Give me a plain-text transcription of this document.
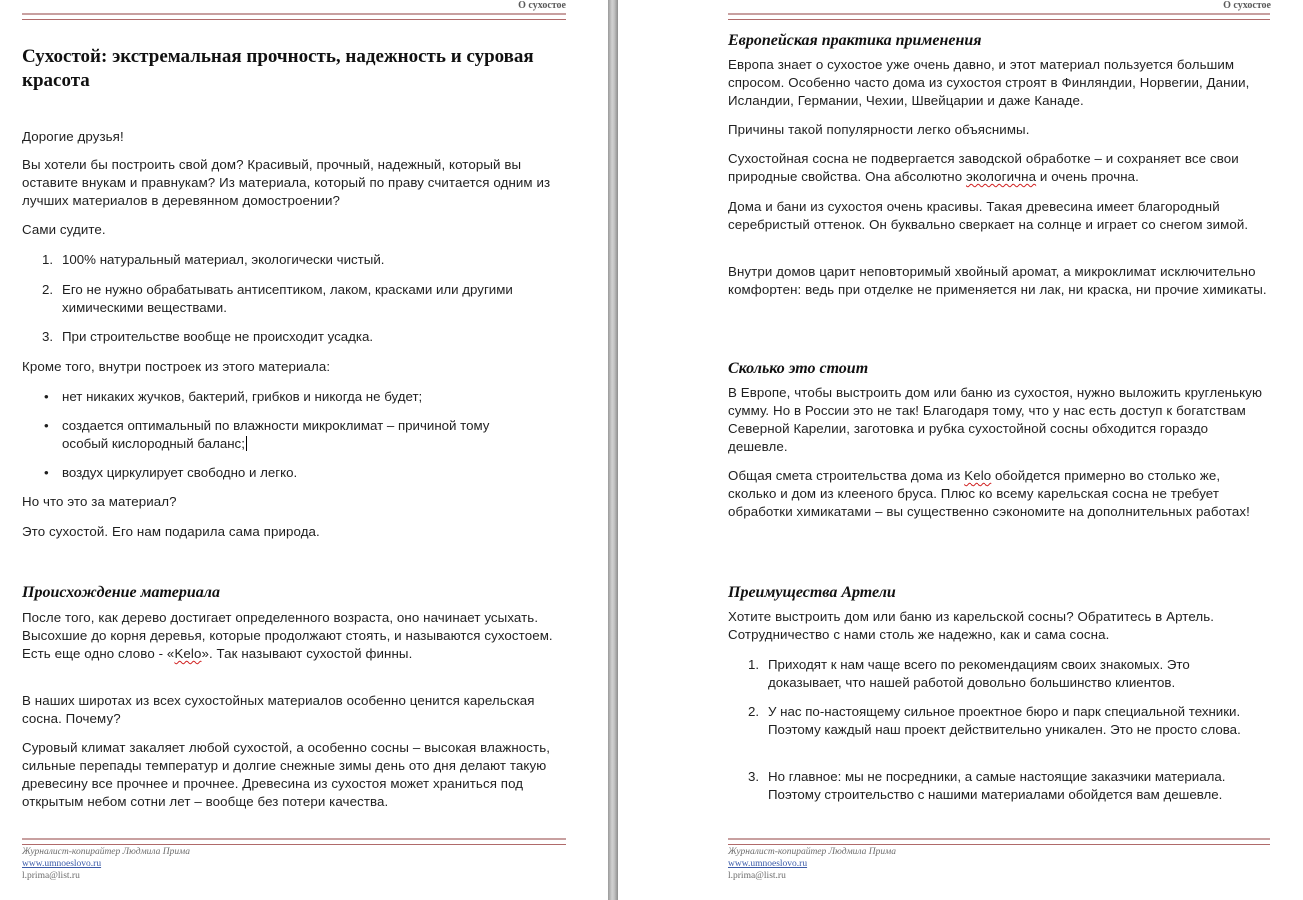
О сухостое
Сухостой: экстремальная прочность, надежность и суровая красота

Дорогие друзья!

Вы хотели бы построить свой дом? Красивый, прочный, надежный, который вы оставите внукам и правнукам? Из материала, который по праву считается одним из лучших материалов в деревянном домостроении?

Сами судите.

1. 100% натуральный материал, экологически чистый.
2. Его не нужно обрабатывать антисептиком, лаком, красками или другими химическими веществами.
3. При строительстве вообще не происходит усадка.

Кроме того, внутри построек из этого материала:

• нет никаких жучков, бактерий, грибков и никогда не будет;
• создается оптимальный по влажности микроклимат – причиной тому особый кислородный баланс;
• воздух циркулирует свободно и легко.

Но что это за материал?

Это сухостой. Его нам подарила сама природа.

Происхождение материала

После того, как дерево достигает определенного возраста, оно начинает усыхать. Высохшие до корня деревья, которые продолжают стоять, и называются сухостоем. Есть еще одно слово - «Kelo». Так называют сухостой финны.

В наших широтах из всех сухостойных материалов особенно ценится карельская сосна. Почему?

Суровый климат закаляет любой сухостой, а особенно сосны – высокая влажность, сильные перепады температур и долгие снежные зимы день ото дня делают такую древесину все прочнее и прочнее. Древесина из сухостоя может храниться под открытым небом сотни лет – вообще без потери качества.

Журналист-копирайтер Людмила Прима
www.umnoeslovo.ru
l.prima@list.ru
О сухостое
Европейская практика применения

Европа знает о сухостое уже очень давно, и этот материал пользуется большим спросом. Особенно часто дома из сухостоя строят в Финляндии, Норвегии, Дании, Исландии, Германии, Чехии, Швейцарии и даже Канаде.

Причины такой популярности легко объяснимы.

Сухостойная сосна не подвергается заводской обработке – и сохраняет все свои природные свойства. Она абсолютно экологична и очень прочна.

Дома и бани из сухостоя очень красивы. Такая древесина имеет благородный серебристый оттенок. Он буквально сверкает на солнце и играет со снегом зимой.

Внутри домов царит неповторимый хвойный аромат, а микроклимат исключительно комфортен: ведь при отделке не применяется ни лак, ни краска, ни прочие химикаты.

Сколько это стоит

В Европе, чтобы выстроить дом или баню из сухостоя, нужно выложить кругленькую сумму. Но в России это не так! Благодаря тому, что у нас есть доступ к богатствам Северной Карелии, заготовка и рубка сухостойной сосны обходится гораздо дешевле.

Общая смета строительства дома из Kelo обойдется примерно во столько же, сколько и дом из клееного бруса. Плюс ко всему карельская сосна не требует обработки химикатами – вы существенно сэкономите на дополнительных работах!

Преимущества Артели

Хотите выстроить дом или баню из карельской сосны? Обратитесь в Артель. Сотрудничество с нами столь же надежно, как и сама сосна.

1. Приходят к нам чаще всего по рекомендациям своих знакомых. Это доказывает, что нашей работой довольно большинство клиентов.
2. У нас по-настоящему сильное проектное бюро и парк специальной техники. Поэтому каждый наш проект действительно уникален. Это не просто слова.
3. Но главное: мы не посредники, а самые настоящие заказчики материала. Поэтому строительство с нашими материалами обойдется вам дешевле.
Журналист-копирайтер Людмила Прима
www.umnoeslovo.ru
l.prima@list.ru
